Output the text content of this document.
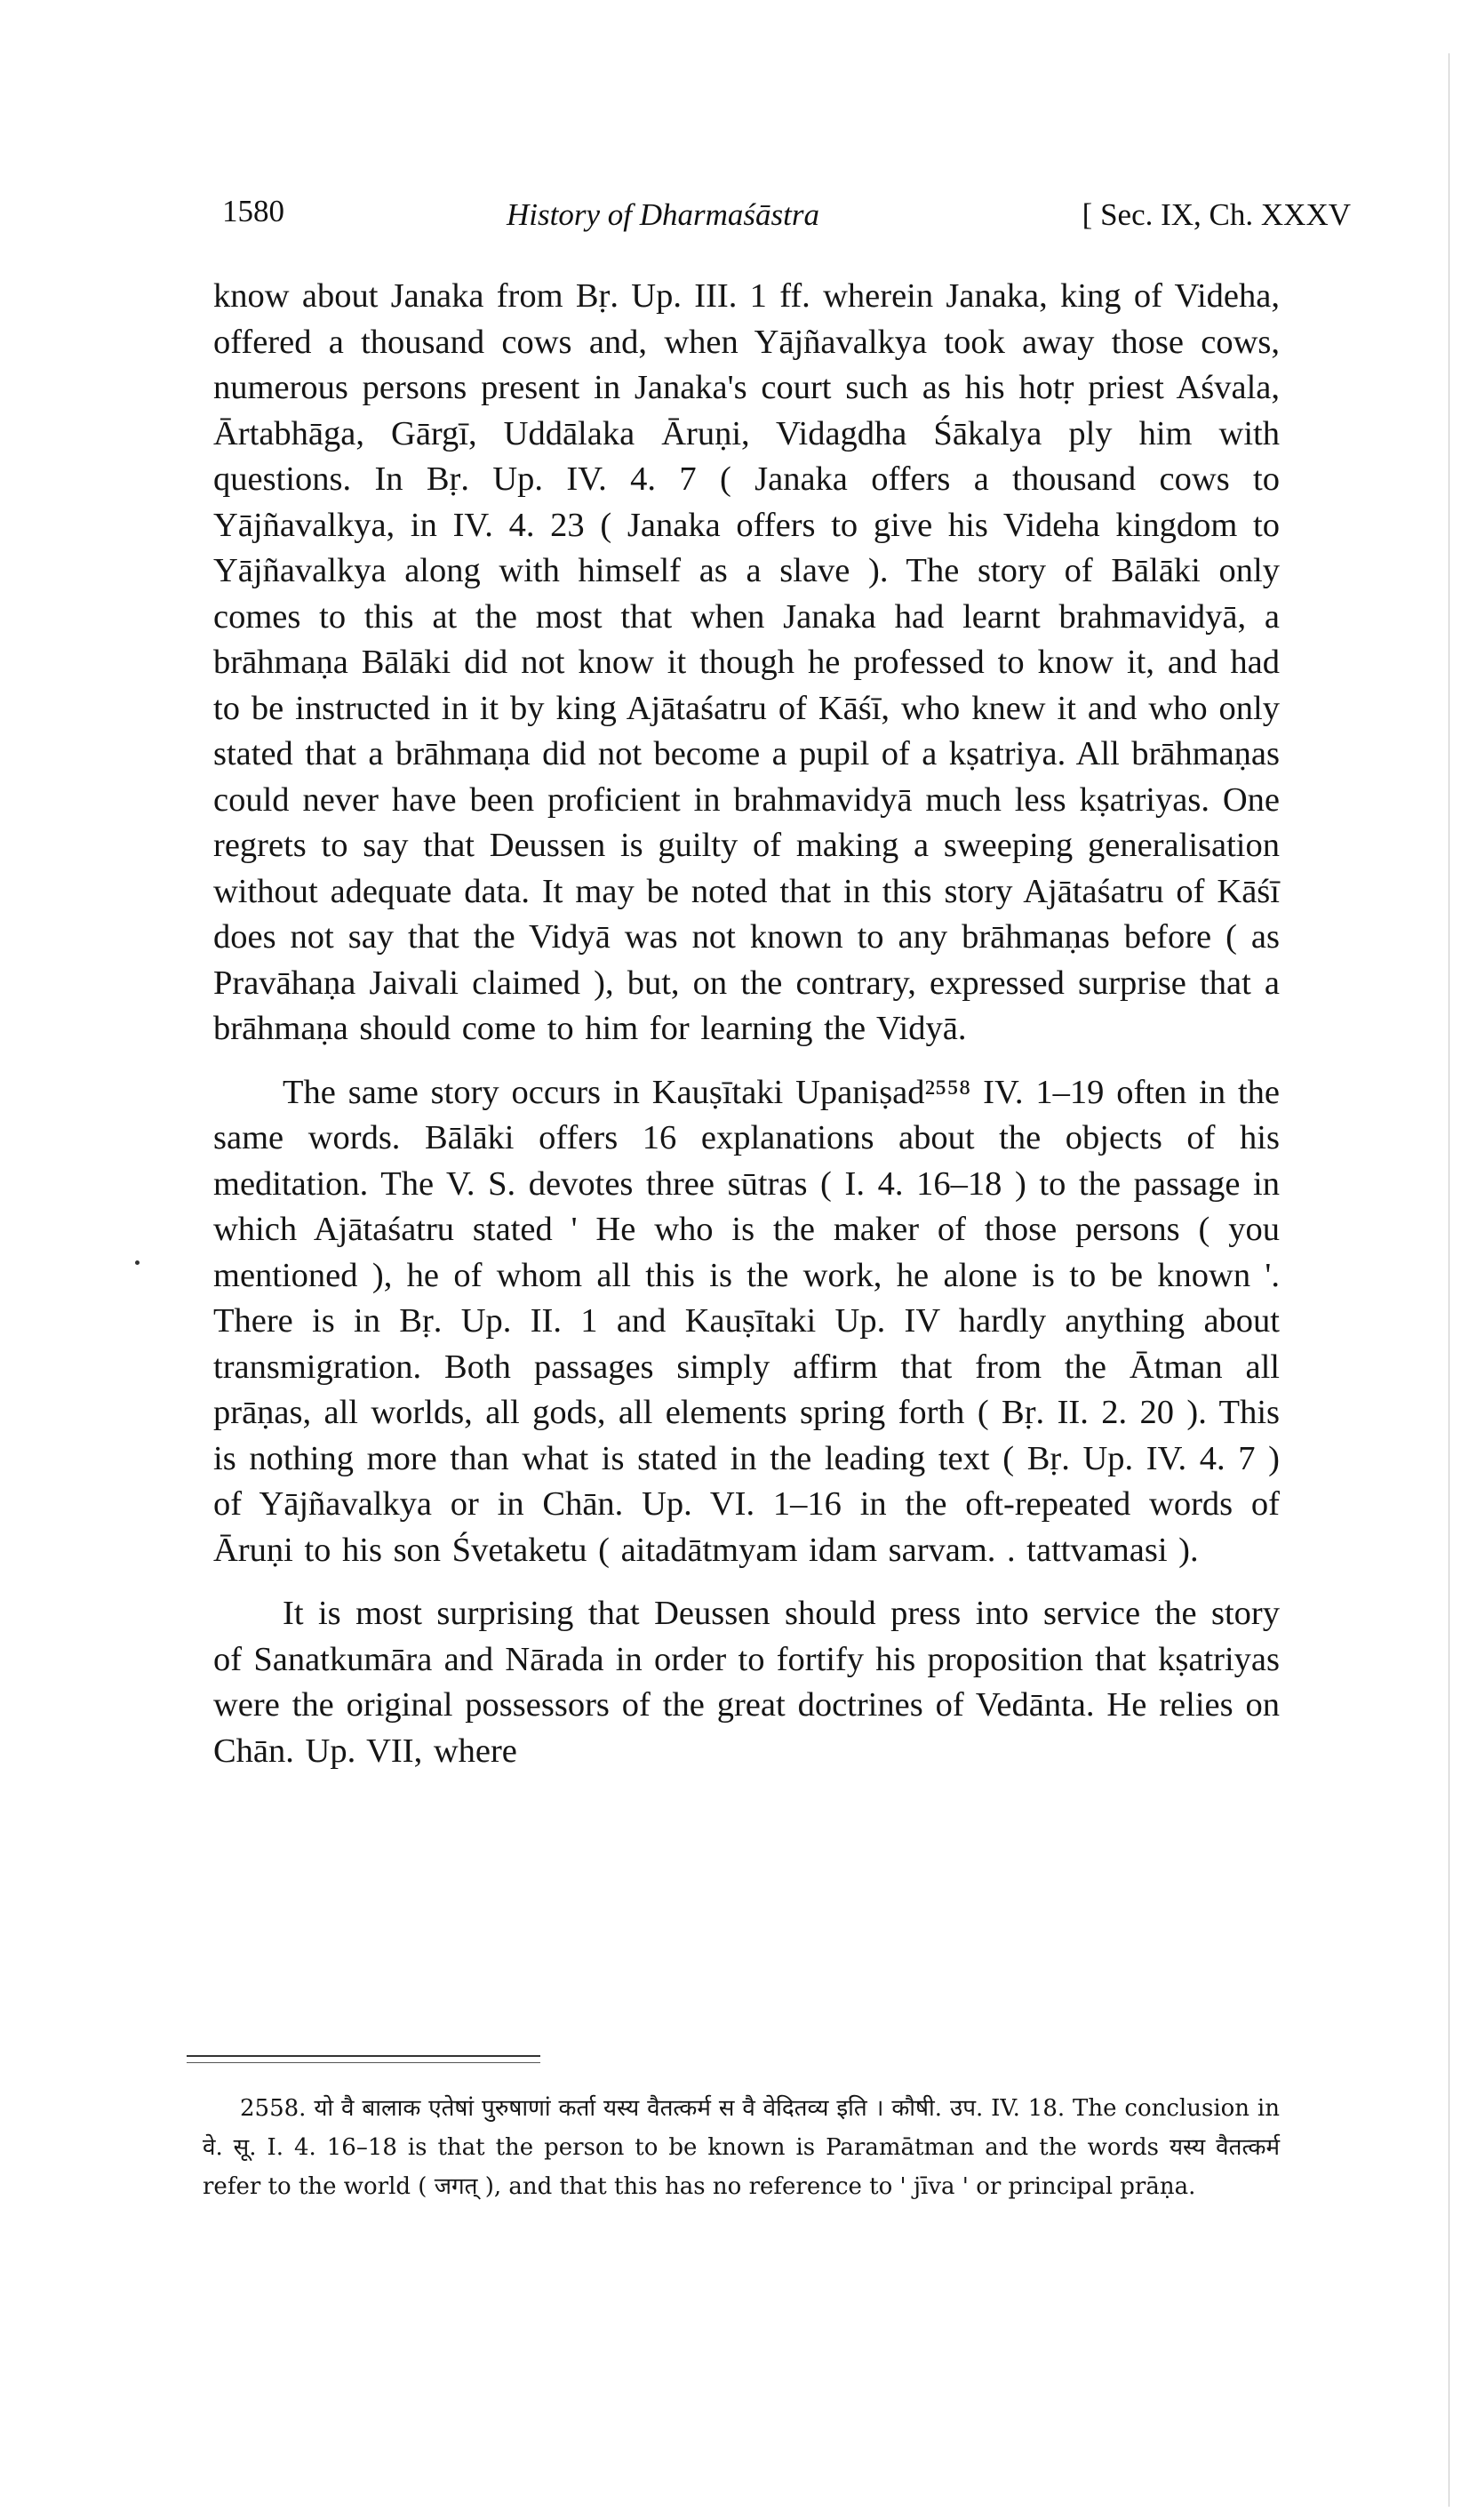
1580	History of Dharmaśāstra	[ Sec. IX, Ch. XXXV

know about Janaka from Bṛ. Up. III. 1 ff. wherein Janaka, king of Videha, offered a thousand cows and, when Yājñavalkya took away those cows, numerous persons present in Janaka's court such as his hotṛ priest Aśvala, Ārtabhāga, Gārgī, Uddālaka Āruṇi, Vidagdha Śākalya ply him with questions. In Bṛ. Up. IV. 4. 7 ( Janaka offers a thousand cows to Yājñavalkya, in IV. 4. 23 ( Janaka offers to give his Videha kingdom to Yājñavalkya along with himself as a slave ). The story of Bālāki only comes to this at the most that when Janaka had learnt brahmavidyā, a brāhmaṇa Bālāki did not know it though he professed to know it, and had to be instructed in it by king Ajātaśatru of Kāśī, who knew it and who only stated that a brāhmaṇa did not become a pupil of a kṣatriya. All brāhmaṇas could never have been proficient in brahmavidyā much less kṣatriyas. One regrets to say that Deussen is guilty of making a sweeping generalisation without adequate data. It may be noted that in this story Ajātaśatru of Kāśī does not say that the Vidyā was not known to any brāhmaṇas before ( as Pravāhaṇa Jaivali claimed ), but, on the contrary, expressed surprise that a brāhmaṇa should come to him for learning the Vidyā.

The same story occurs in Kauṣītaki Upaniṣad²⁵⁵⁸ IV. 1–19 often in the same words. Bālāki offers 16 explanations about the objects of his meditation. The V. S. devotes three sūtras ( I. 4. 16–18 ) to the passage in which Ajātaśatru stated ' He who is the maker of those persons ( you mentioned ), he of whom all this is the work, he alone is to be known '. There is in Bṛ. Up. II. 1 and Kauṣītaki Up. IV hardly anything about transmigration. Both passages simply affirm that from the Ātman all prāṇas, all worlds, all gods, all elements spring forth ( Bṛ. II. 2. 20 ). This is nothing more than what is stated in the leading text ( Bṛ. Up. IV. 4. 7 ) of Yājñavalkya or in Chān. Up. VI. 1–16 in the oft-repeated words of Āruṇi to his son Śvetaketu ( aitadātmyam idam sarvam. . tattvamasi ).

It is most surprising that Deussen should press into service the story of Sanatkumāra and Nārada in order to fortify his proposition that kṣatriyas were the original possessors of the great doctrines of Vedānta. He relies on Chān. Up. VII, where

2558. यो वै बालाक एतेषां पुरुषाणां कर्ता यस्य वैतत्कर्म स वै वेदितव्य इति । कौषी. उप. IV. 18. The conclusion in वे. सू. I. 4. 16–18 is that the person to be known is Paramātman and the words यस्य वैतत्कर्म refer to the world ( जगत् ), and that this has no reference to ' jīva ' or principal prāṇa.
